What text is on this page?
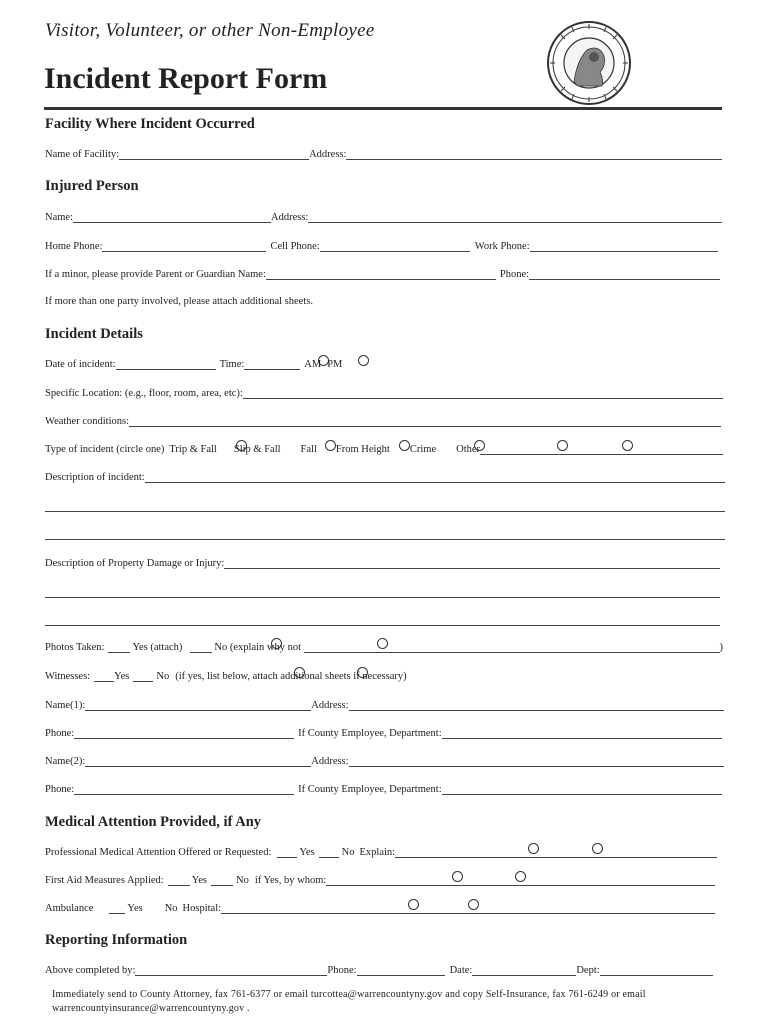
Visitor, Volunteer, or other Non-Employee
Incident Report Form
Facility Where Incident Occurred
Name of Facility:	Address:
Injured Person
Name:	Address:
Home Phone:	Cell Phone:	Work Phone:
If a minor, please provide Parent or Guardian Name:	Phone:
If more than one party involved, please attach additional sheets.
Incident Details

Date of incident:	Time:	AM PM
Specific Location: (e.g., floor, room, area, etc):
Weather conditions:

Type of incident (circle one) Trip & Fall Slip & Fall Fall From Height Crime Other
Description of incident:
Description of Property Damage or Injury:

Photos Taken:	Yes (attach)	No (explain why not	)

Witnesses: Yes	No (if yes, list below, attach additional sheets if necessary)
Name(1):	Address:
Phone:	If County Employee, Department:
Name(2):	Address:
Phone:	If County Employee, Department:
Medical Attention Provided, if Any

Professional Medical Attention Offered or Requested:	Yes	No Explain:

First Aid Measures Applied:	Yes	No if Yes, by whom:

Ambulance	Yes No Hospital:
Reporting Information
Above completed by:	Phone:	Date:	Dept:
Immediately send to County Attorney, fax 761-6377 or email turcottea@warrencountyny.gov and copy Self-Insurance, fax 761-6249 or email warrencountyinsurance@warrencountyny.gov .
